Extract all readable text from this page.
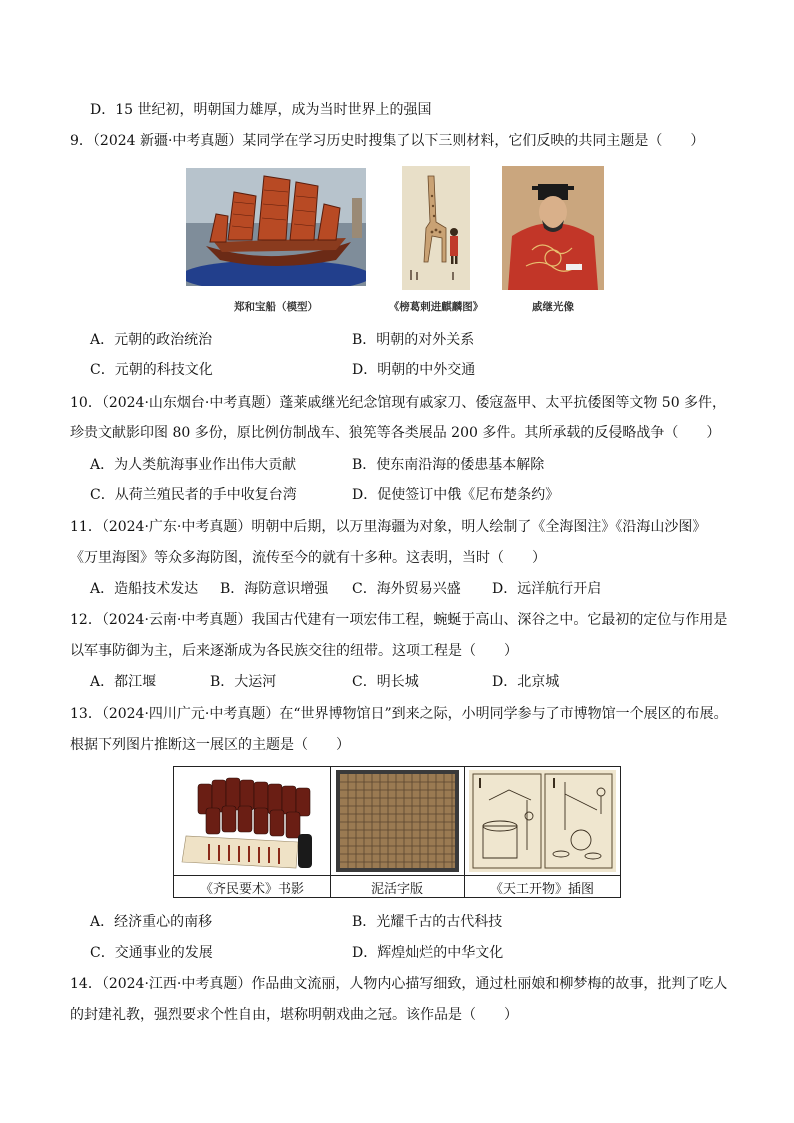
D．15 世纪初，明朝国力雄厚，成为当时世界上的强国
9．（2024 新疆·中考真题）某同学在学习历史时搜集了以下三则材料，它们反映的共同主题是（　　）
郑和宝船（模型）	《榜葛剌进麒麟图》	戚继光像
A．元朝的政治统治	B．明朝的对外关系
C．元朝的科技文化	D．明朝的中外交通
10．（2024·山东烟台·中考真题）蓬莱戚继光纪念馆现有戚家刀、倭寇盔甲、太平抗倭图等文物 50 多件，
珍贵文献影印图 80 多份，原比例仿制战车、狼筅等各类展品 200 多件。其所承载的反侵略战争（　　）
A．为人类航海事业作出伟大贡献	B．使东南沿海的倭患基本解除
C．从荷兰殖民者的手中收复台湾	D．促使签订中俄《尼布楚条约》
11．（2024·广东·中考真题）明朝中后期，以万里海疆为对象，明人绘制了《全海图注》《沿海山沙图》
《万里海图》等众多海防图，流传至今的就有十多种。这表明，当时（　　）
A．造船技术发达 B．海防意识增强 C．海外贸易兴盛 D．远洋航行开启
12．（2024·云南·中考真题）我国古代建有一项宏伟工程，蜿蜒于高山、深谷之中。它最初的定位与作用是
以军事防御为主，后来逐渐成为各民族交往的纽带。这项工程是（　　）
A．都江堰	B．大运河	C．明长城	D．北京城
13．（2024·四川广元·中考真题）在“世界博物馆日”到来之际，小明同学参与了市博物馆一个展区的布展。
根据下列图片推断这一展区的主题是（　　）
《齐民要术》书影	泥活字版	《天工开物》插图
A．经济重心的南移	B．光耀千古的古代科技
C．交通事业的发展	D．辉煌灿烂的中华文化
14．（2024·江西·中考真题）作品曲文流丽，人物内心描写细致，通过杜丽娘和柳梦梅的故事，批判了吃人
的封建礼教，强烈要求个性自由，堪称明朝戏曲之冠。该作品是（　　）
